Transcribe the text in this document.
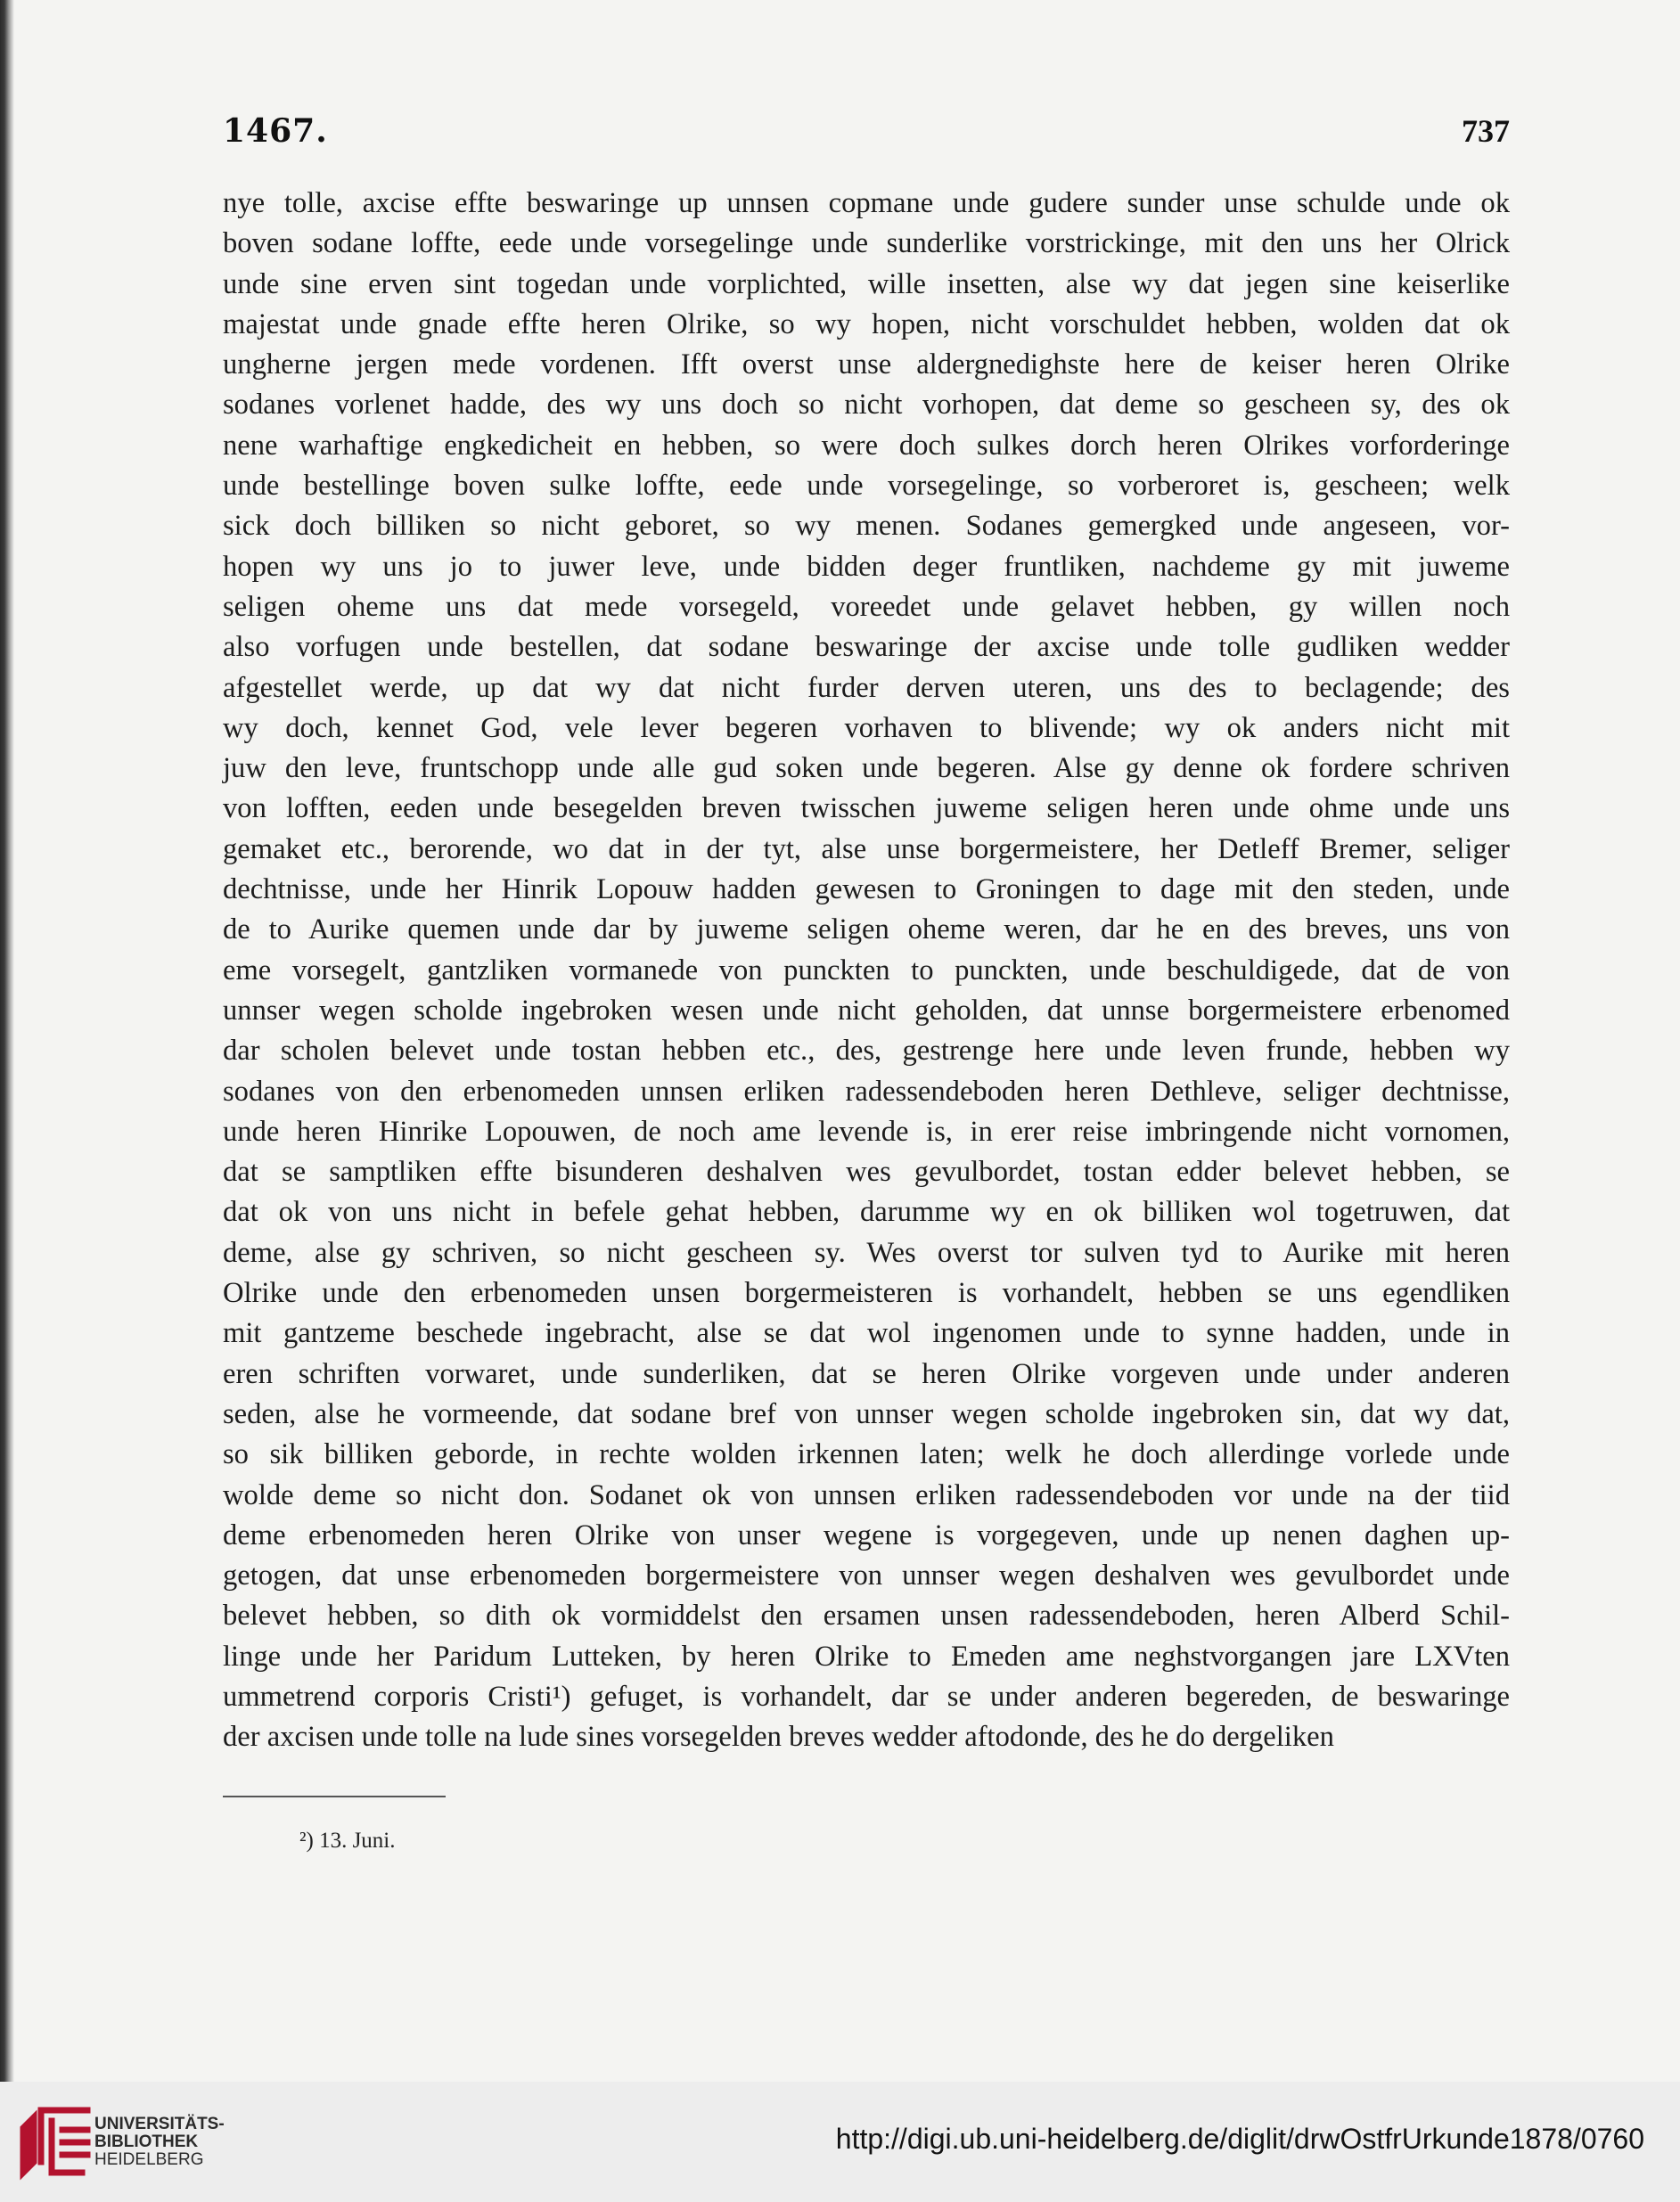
1467.	737
nye tolle, axcise effte beswaringe up unnsen copmane unde gudere sunder unse schulde unde ok
boven sodane loffte, eede unde vorsegelinge unde sunderlike vorstrickinge, mit den uns her Olrick
unde sine erven sint togedan unde vorplichted, wille insetten, alse wy dat jegen sine keiserlike
majestat unde gnade effte heren Olrike, so wy hopen, nicht vorschuldet hebben, wolden dat ok
ungherne jergen mede vordenen. Ifft overst unse aldergnedighste here de keiser heren Olrike
sodanes vorlenet hadde, des wy uns doch so nicht vorhopen, dat deme so gescheen sy, des ok
nene warhaftige engkedicheit en hebben, so were doch sulkes dorch heren Olrikes vorforderinge
unde bestellinge boven sulke loffte, eede unde vorsegelinge, so vorberoret is, gescheen; welk
sick doch billiken so nicht geboret, so wy menen. Sodanes gemergked unde angeseen, vor-
hopen wy uns jo to juwer leve, unde bidden deger fruntliken, nachdeme gy mit juweme
seligen oheme uns dat mede vorsegeld, voreedet unde gelavet hebben, gy willen noch
also vorfugen unde bestellen, dat sodane beswaringe der axcise unde tolle gudliken wedder
afgestellet werde, up dat wy dat nicht furder derven uteren, uns des to beclagende; des
wy doch, kennet God, vele lever begeren vorhaven to blivende; wy ok anders nicht mit
juw den leve, fruntschopp unde alle gud soken unde begeren. Alse gy denne ok fordere schriven
von lofften, eeden unde besegelden breven twisschen juweme seligen heren unde ohme unde uns
gemaket etc., berorende, wo dat in der tyt, alse unse borgermeistere, her Detleff Bremer, seliger
dechtnisse, unde her Hinrik Lopouw hadden gewesen to Groningen to dage mit den steden, unde
de to Aurike quemen unde dar by juweme seligen oheme weren, dar he en des breves, uns von
eme vorsegelt, gantzliken vormanede von punckten to punckten, unde beschuldigede, dat de von
unnser wegen scholde ingebroken wesen unde nicht geholden, dat unnse borgermeistere erbenomed
dar scholen belevet unde tostan hebben etc., des, gestrenge here unde leven frunde, hebben wy
sodanes von den erbenomeden unnsen erliken radessendeboden heren Dethleve, seliger dechtnisse,
unde heren Hinrike Lopouwen, de noch ame levende is, in erer reise imbringende nicht vornomen,
dat se samptliken effte bisunderen deshalven wes gevulbordet, tostan edder belevet hebben, se
dat ok von uns nicht in befele gehat hebben, darumme wy en ok billiken wol togetruwen, dat
deme, alse gy schriven, so nicht gescheen sy. Wes overst tor sulven tyd to Aurike mit heren
Olrike unde den erbenomeden unsen borgermeisteren is vorhandelt, hebben se uns egendliken
mit gantzeme beschede ingebracht, alse se dat wol ingenomen unde to synne hadden, unde in
eren schriften vorwaret, unde sunderliken, dat se heren Olrike vorgeven unde under anderen
seden, alse he vormeende, dat sodane bref von unnser wegen scholde ingebroken sin, dat wy dat,
so sik billiken geborde, in rechte wolden irkennen laten; welk he doch allerdinge vorlede unde
wolde deme so nicht don. Sodanet ok von unnsen erliken radessendeboden vor unde na der tiid
deme erbenomeden heren Olrike von unser wegene is vorgegeven, unde up nenen daghen up-
getogen, dat unse erbenomeden borgermeistere von unnser wegen deshalven wes gevulbordet unde
belevet hebben, so dith ok vormiddelst den ersamen unsen radessendeboden, heren Alberd Schil-
linge unde her Paridum Lutteken, by heren Olrike to Emeden ame neghstvorgangen jare LXVten
ummetrend corporis Cristi¹) gefuget, is vorhandelt, dar se under anderen begereden, de beswaringe
der axcisen unde tolle na lude sines vorsegelden breves wedder aftodonde, des he do dergeliken
²) 13. Juni.
UNIVERSITÄTS-
BIBLIOTHEK
HEIDELBERG
http://digi.ub.uni-heidelberg.de/diglit/drwOstfrUrkunde1878/0760
